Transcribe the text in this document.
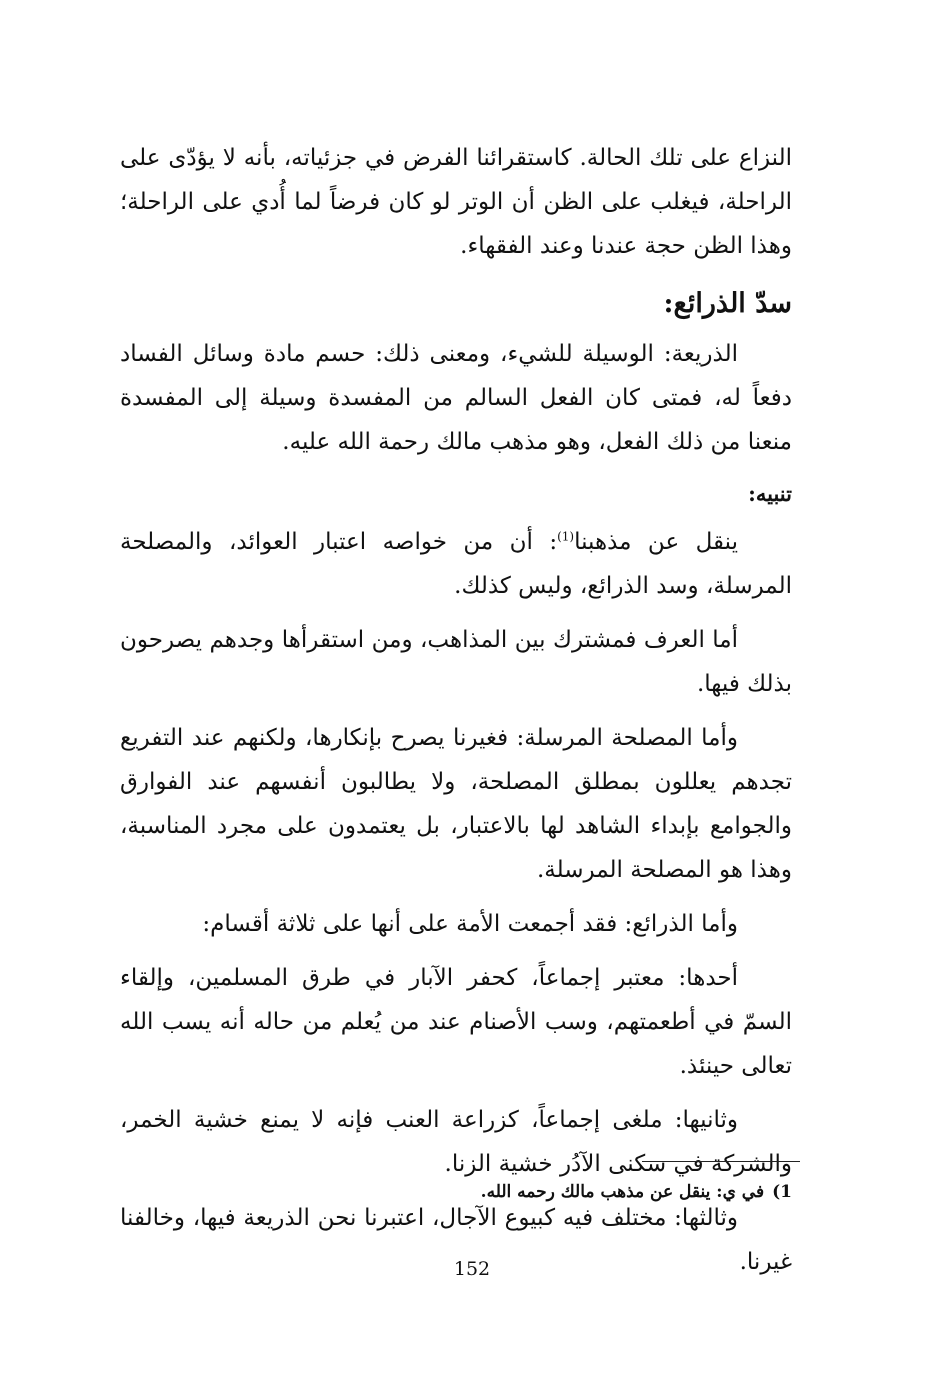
النزاع على تلك الحالة. كاستقرائنا الفرض في جزئياته، بأنه لا يؤدّى على الراحلة، فيغلب على الظن أن الوتر لو كان فرضاً لما أُدي على الراحلة؛ وهذا الظن حجة عندنا وعند الفقهاء.

سدّ الذرائع:

الذريعة: الوسيلة للشيء، ومعنى ذلك: حسم مادة وسائل الفساد دفعاً له، فمتى كان الفعل السالم من المفسدة وسيلة إلى المفسدة منعنا من ذلك الفعل، وهو مذهب مالك رحمة الله عليه.

تنبيه:

ينقل عن مذهبنا$^{(1)}$: أن من خواصه اعتبار العوائد، والمصلحة المرسلة، وسد الذرائع، وليس كذلك.

أما العرف فمشترك بين المذاهب، ومن استقرأها وجدهم يصرحون بذلك فيها.

وأما المصلحة المرسلة: فغيرنا يصرح بإنكارها، ولكنهم عند التفريع تجدهم يعللون بمطلق المصلحة، ولا يطالبون أنفسهم عند الفوارق والجوامع بإبداء الشاهد لها بالاعتبار، بل يعتمدون على مجرد المناسبة، وهذا هو المصلحة المرسلة.

وأما الذرائع: فقد أجمعت الأمة على أنها على ثلاثة أقسام:

أحدها: معتبر إجماعاً، كحفر الآبار في طرق المسلمين، وإلقاء السمّ في أطعمتهم، وسب الأصنام عند من يُعلم من حاله أنه يسب الله تعالى حينئذ.

وثانيها: ملغى إجماعاً، كزراعة العنب فإنه لا يمنع خشية الخمر، والشركة في سكنى الآدُر خشية الزنا.

وثالثها: مختلف فيه كبيوع الآجال، اعتبرنا نحن الذريعة فيها، وخالفنا غيرنا.

1)في ي: ينقل عن مذهب مالك رحمه الله.

152
